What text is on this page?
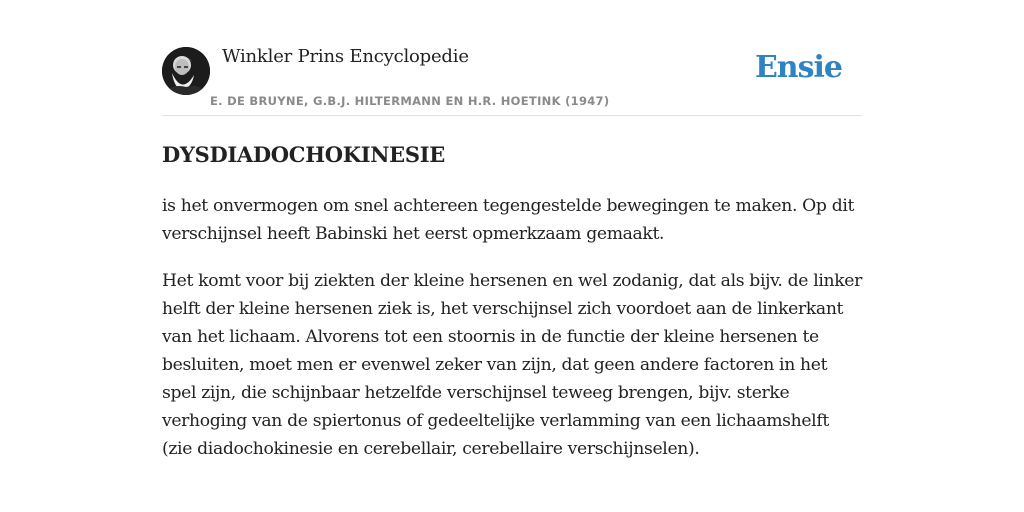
Winkler Prins Encyclopedie
E. DE BRUYNE, G.B.J. HILTERMANN EN H.R. HOETINK (1947)
Ensie
DYSDIADOCHOKINESIE

is het onvermogen om snel achtereen tegengestelde bewegingen te maken. Op dit verschijnsel heeft Babinski het eerst opmerkzaam gemaakt.

Het komt voor bij ziekten der kleine hersenen en wel zodanig, dat als bijv. de linker helft der kleine hersenen ziek is, het verschijnsel zich voordoet aan de linkerkant van het lichaam. Alvorens tot een stoornis in de functie der kleine hersenen te besluiten, moet men er evenwel zeker van zijn, dat geen andere factoren in het spel zijn, die schijnbaar hetzelfde verschijnsel teweeg brengen, bijv. sterke verhoging van de spiertonus of gedeeltelijke verlamming van een lichaamshelft (zie diadochokinesie en cerebellair, cerebellaire verschijnselen).
